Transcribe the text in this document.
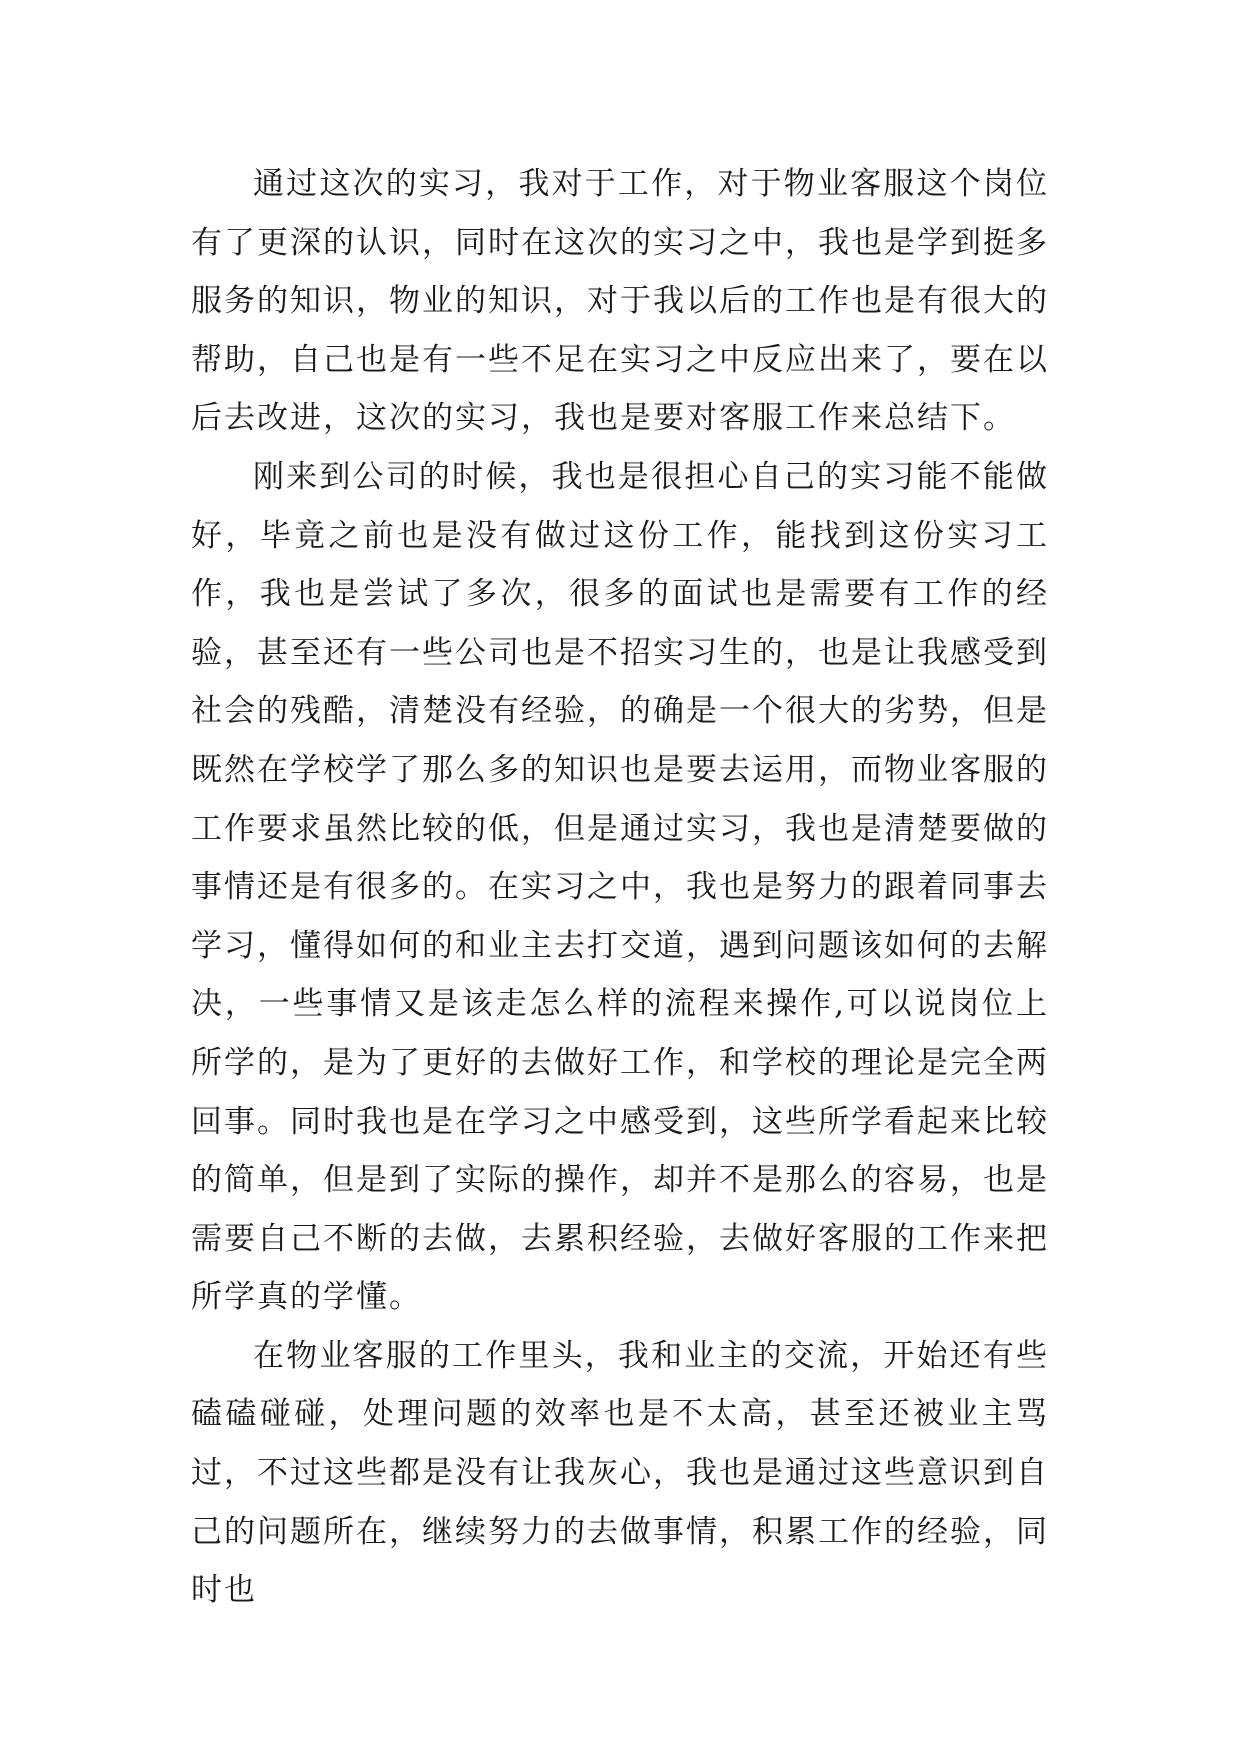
通过这次的实习，我对于工作，对于物业客服这个岗位有了更深的认识，同时在这次的实习之中，我也是学到挺多服务的知识，物业的知识，对于我以后的工作也是有很大的帮助，自己也是有一些不足在实习之中反应出来了，要在以后去改进，这次的实习，我也是要对客服工作来总结下。

刚来到公司的时候，我也是很担心自己的实习能不能做好，毕竟之前也是没有做过这份工作，能找到这份实习工作，我也是尝试了多次，很多的面试也是需要有工作的经验，甚至还有一些公司也是不招实习生的，也是让我感受到社会的残酷，清楚没有经验，的确是一个很大的劣势，但是既然在学校学了那么多的知识也是要去运用，而物业客服的工作要求虽然比较的低，但是通过实习，我也是清楚要做的事情还是有很多的。在实习之中，我也是努力的跟着同事去学习，懂得如何的和业主去打交道，遇到问题该如何的去解决，一些事情又是该走怎么样的流程来操作,可以说岗位上所学的，是为了更好的去做好工作，和学校的理论是完全两回事。同时我也是在学习之中感受到，这些所学看起来比较的简单，但是到了实际的操作，却并不是那么的容易，也是需要自己不断的去做，去累积经验，去做好客服的工作来把所学真的学懂。

在物业客服的工作里头，我和业主的交流，开始还有些磕磕碰碰，处理问题的效率也是不太高，甚至还被业主骂过，不过这些都是没有让我灰心，我也是通过这些意识到自己的问题所在，继续努力的去做事情，积累工作的经验，同时也
